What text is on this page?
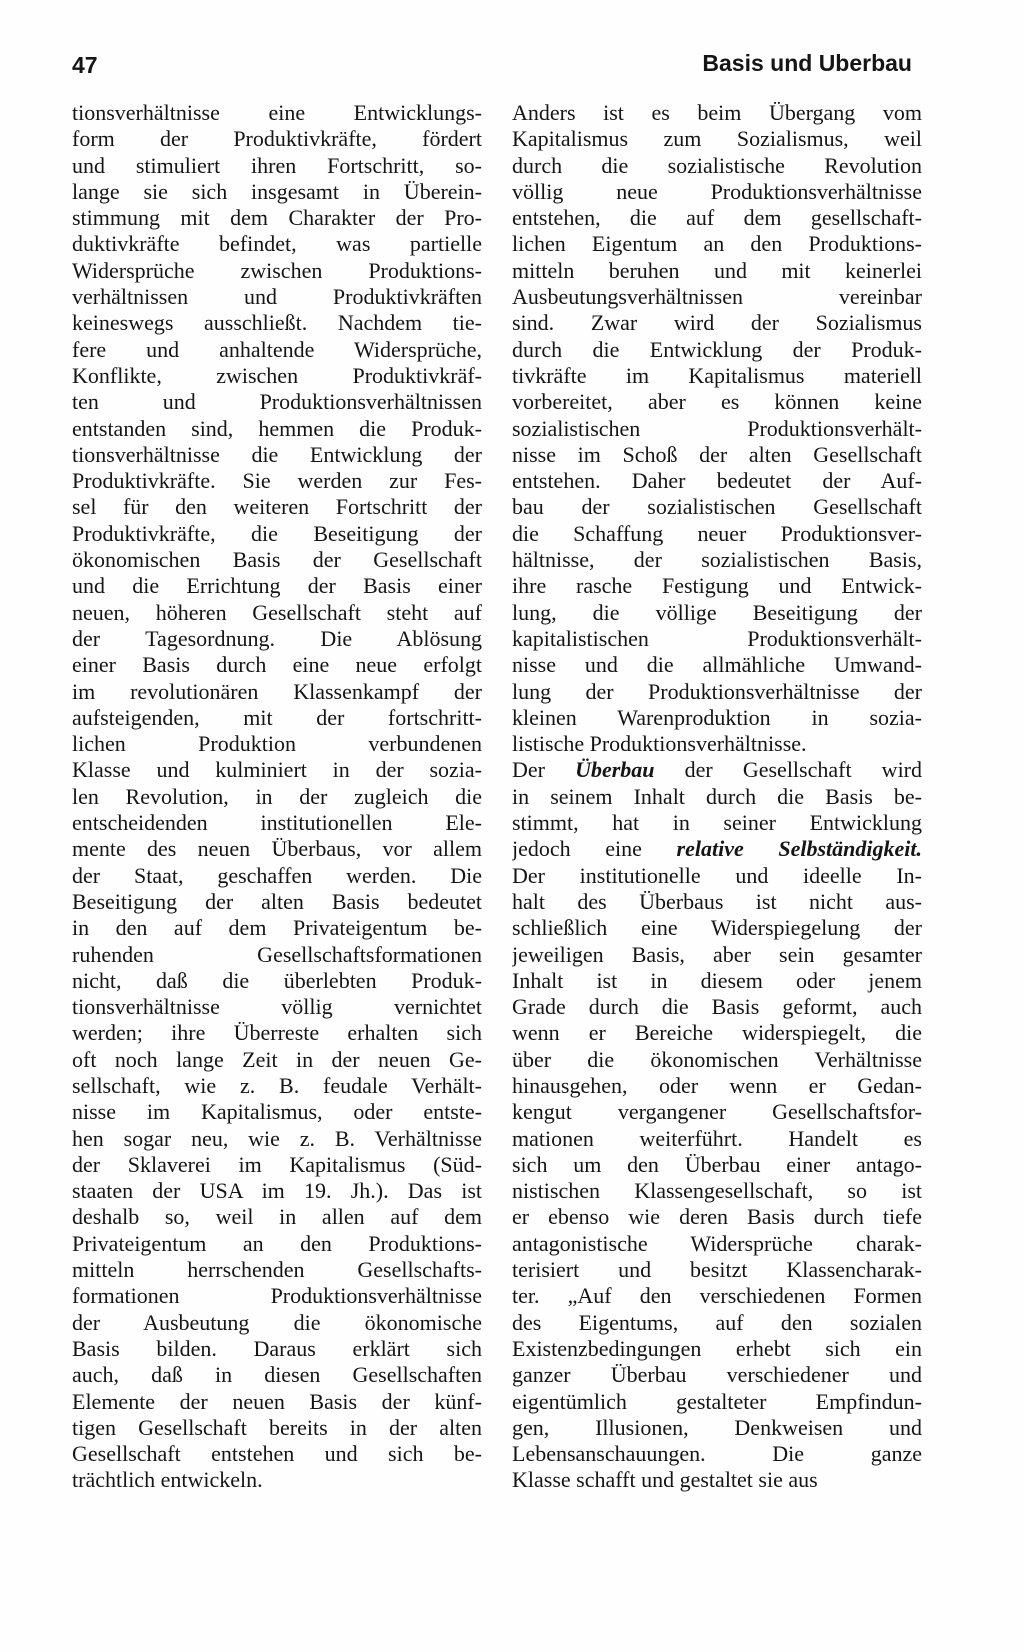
47	Basis und Uberbau
tionsverhältnisse eine Entwicklungs-
form der Produktivkräfte, fördert
und stimuliert ihren Fortschritt, so-
lange sie sich insgesamt in Überein-
stimmung mit dem Charakter der Pro-
duktivkräfte befindet, was partielle
Widersprüche zwischen Produktions-
verhältnissen und Produktivkräften
keineswegs ausschließt. Nachdem tie-
fere und anhaltende Widersprüche,
Konflikte, zwischen Produktivkräf-
ten und Produktionsverhältnissen
entstanden sind, hemmen die Produk-
tionsverhältnisse die Entwicklung der
Produktivkräfte. Sie werden zur Fes-
sel für den weiteren Fortschritt der
Produktivkräfte, die Beseitigung der
ökonomischen Basis der Gesellschaft
und die Errichtung der Basis einer
neuen, höheren Gesellschaft steht auf
der Tagesordnung. Die Ablösung
einer Basis durch eine neue erfolgt
im revolutionären Klassenkampf der
aufsteigenden, mit der fortschritt-
lichen Produktion verbundenen
Klasse und kulminiert in der sozia-
len Revolution, in der zugleich die
entscheidenden institutionellen Ele-
mente des neuen Überbaus, vor allem
der Staat, geschaffen werden. Die
Beseitigung der alten Basis bedeutet
in den auf dem Privateigentum be-
ruhenden Gesellschaftsformationen
nicht, daß die überlebten Produk-
tionsverhältnisse völlig vernichtet
werden; ihre Überreste erhalten sich
oft noch lange Zeit in der neuen Ge-
sellschaft, wie z. B. feudale Verhält-
nisse im Kapitalismus, oder entste-
hen sogar neu, wie z. B. Verhältnisse
der Sklaverei im Kapitalismus (Süd-
staaten der USA im 19. Jh.). Das ist
deshalb so, weil in allen auf dem
Privateigentum an den Produktions-
mitteln herrschenden Gesellschafts-
formationen Produktionsverhältnisse
der Ausbeutung die ökonomische
Basis bilden. Daraus erklärt sich
auch, daß in diesen Gesellschaften
Elemente der neuen Basis der künf-
tigen Gesellschaft bereits in der alten
Gesellschaft entstehen und sich be-
trächtlich entwickeln.
Anders ist es beim Übergang vom
Kapitalismus zum Sozialismus, weil
durch die sozialistische Revolution
völlig neue Produktionsverhältnisse
entstehen, die auf dem gesellschaft-
lichen Eigentum an den Produktions-
mitteln beruhen und mit keinerlei
Ausbeutungsverhältnissen vereinbar
sind. Zwar wird der Sozialismus
durch die Entwicklung der Produk-
tivkräfte im Kapitalismus materiell
vorbereitet, aber es können keine
sozialistischen Produktionsverhält-
nisse im Schoß der alten Gesellschaft
entstehen. Daher bedeutet der Auf-
bau der sozialistischen Gesellschaft
die Schaffung neuer Produktionsver-
hältnisse, der sozialistischen Basis,
ihre rasche Festigung und Entwick-
lung, die völlige Beseitigung der
kapitalistischen Produktionsverhält-
nisse und die allmähliche Umwand-
lung der Produktionsverhältnisse der
kleinen Warenproduktion in sozia-
listische Produktionsverhältnisse.
Der Überbau der Gesellschaft wird
in seinem Inhalt durch die Basis be-
stimmt, hat in seiner Entwicklung
jedoch eine relative Selbständigkeit.
Der institutionelle und ideelle In-
halt des Überbaus ist nicht aus-
schließlich eine Widerspiegelung der
jeweiligen Basis, aber sein gesamter
Inhalt ist in diesem oder jenem
Grade durch die Basis geformt, auch
wenn er Bereiche widerspiegelt, die
über die ökonomischen Verhältnisse
hinausgehen, oder wenn er Gedan-
kengut vergangener Gesellschaftsfor-
mationen weiterführt. Handelt es
sich um den Überbau einer antago-
nistischen Klassengesellschaft, so ist
er ebenso wie deren Basis durch tiefe
antagonistische Widersprüche charak-
terisiert und besitzt Klassencharak-
ter. „Auf den verschiedenen Formen
des Eigentums, auf den sozialen
Existenzbedingungen erhebt sich ein
ganzer Überbau verschiedener und
eigentümlich gestalteter Empfindun-
gen, Illusionen, Denkweisen und
Lebensanschauungen. Die ganze
Klasse schafft und gestaltet sie aus
